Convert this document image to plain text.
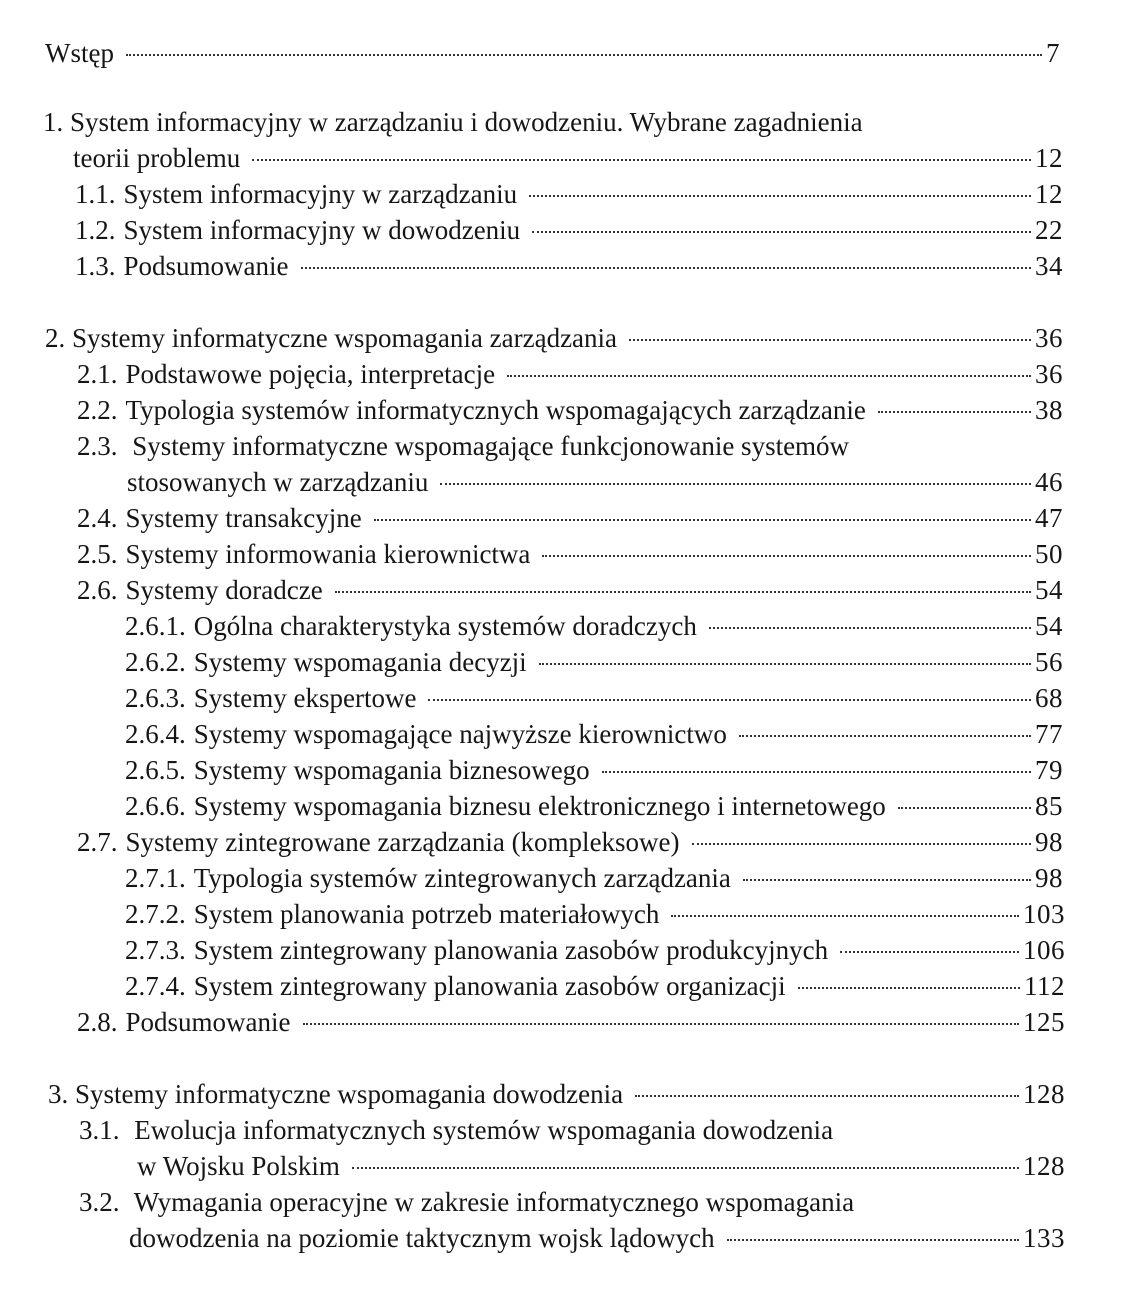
Wstęp	7
1. System informacyjny w zarządzaniu i dowodzeniu. Wybrane zagadnienia
teorii problemu	12
1.1. System informacyjny w zarządzaniu	12
1.2. System informacyjny w dowodzeniu	22
1.3. Podsumowanie	34
2. Systemy informatyczne wspomagania zarządzania	36
2.1. Podstawowe pojęcia, interpretacje	36
2.2. Typologia systemów informatycznych wspomagających zarządzanie	38
2.3. Systemy informatyczne wspomagające funkcjonowanie systemów
stosowanych w zarządzaniu	46
2.4. Systemy transakcyjne	47
2.5. Systemy informowania kierownictwa	50
2.6. Systemy doradcze	54
2.6.1. Ogólna charakterystyka systemów doradczych	54
2.6.2. Systemy wspomagania decyzji	56
2.6.3. Systemy ekspertowe	68
2.6.4. Systemy wspomagające najwyższe kierownictwo	77
2.6.5. Systemy wspomagania biznesowego	79
2.6.6. Systemy wspomagania biznesu elektronicznego i internetowego	85
2.7. Systemy zintegrowane zarządzania (kompleksowe)	98
2.7.1. Typologia systemów zintegrowanych zarządzania	98
2.7.2. System planowania potrzeb materiałowych	103
2.7.3. System zintegrowany planowania zasobów produkcyjnych	106
2.7.4. System zintegrowany planowania zasobów organizacji	112
2.8. Podsumowanie	125
3. Systemy informatyczne wspomagania dowodzenia	128
3.1. Ewolucja informatycznych systemów wspomagania dowodzenia
w Wojsku Polskim	128
3.2. Wymagania operacyjne w zakresie informatycznego wspomagania
dowodzenia na poziomie taktycznym wojsk lądowych	133
